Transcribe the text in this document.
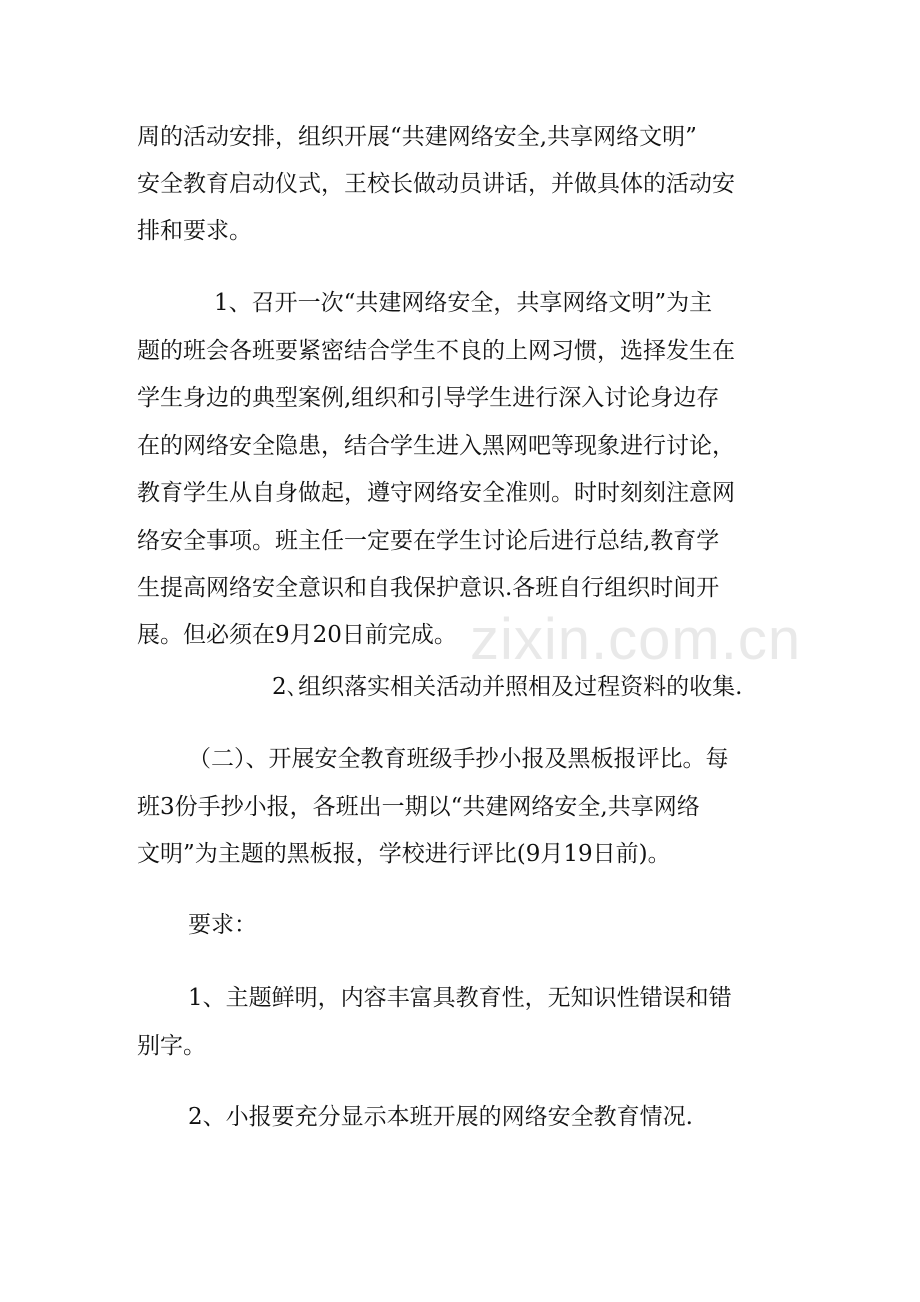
zixin.com.cn
周的活动安排，组织开展“共建网络安全,共享网络文明”
安全教育启动仪式，王校长做动员讲话，并做具体的活动安
排和要求。
1、召开一次“共建网络安全，共享网络文明”为主
题的班会各班要紧密结合学生不良的上网习惯，选择发生在
学生身边的典型案例,组织和引导学生进行深入讨论身边存
在的网络安全隐患，结合学生进入黑网吧等现象进行讨论，
教育学生从自身做起，遵守网络安全准则。时时刻刻注意网
络安全事项。班主任一定要在学生讨论后进行总结,教育学
生提高网络安全意识和自我保护意识.各班自行组织时间开
展。但必须在9月20日前完成。
2､组织落实相关活动并照相及过程资料的收集.
（二）、开展安全教育班级手抄小报及黑板报评比。每
班3份手抄小报，各班出一期以“共建网络安全,共享网络
文明”为主题的黑板报，学校进行评比(9月19日前)。
要求：
1、主题鲜明，内容丰富具教育性，无知识性错误和错
别字。
2、小报要充分显示本班开展的网络安全教育情况.
